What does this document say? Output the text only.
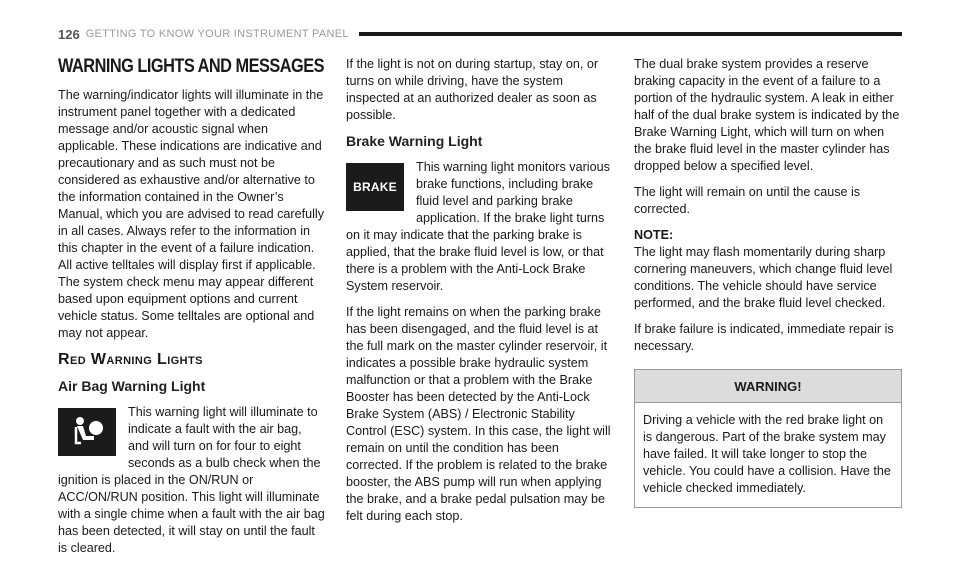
126 GETTING TO KNOW YOUR INSTRUMENT PANEL
WARNING LIGHTS AND MESSAGES

The warning/indicator lights will illuminate in the instrument panel together with a dedicated message and/or acoustic signal when applicable. These indications are indicative and precautionary and as such must not be considered as exhaustive and/or alternative to the information contained in the Owner’s Manual, which you are advised to read carefully in all cases. Always refer to the information in this chapter in the event of a failure indication. All active telltales will display first if applicable. The system check menu may appear different based upon equipment options and current vehicle status. Some telltales are optional and may not appear.

Red Warning Lights
Air Bag Warning Light

This warning light will illuminate to indicate a fault with the air bag, and will turn on for four to eight seconds as a bulb check when the ignition is placed in the ON/RUN or ACC/ON/RUN position. This light will illuminate with a single chime when a fault with the air bag has been detected, it will stay on until the fault is cleared.

If the light is not on during startup, stay on, or turns on while driving, have the system inspected at an authorized dealer as soon as possible.

Brake Warning Light
BRAKE

This warning light monitors various brake functions, including brake fluid level and parking brake application. If the brake light turns on it may indicate that the parking brake is applied, that the brake fluid level is low, or that there is a problem with the Anti-Lock Brake System reservoir.

If the light remains on when the parking brake has been disengaged, and the fluid level is at the full mark on the master cylinder reservoir, it indicates a possible brake hydraulic system malfunction or that a problem with the Brake Booster has been detected by the Anti-Lock Brake System (ABS) / Electronic Stability Control (ESC) system. In this case, the light will remain on until the condition has been corrected. If the problem is related to the brake booster, the ABS pump will run when applying the brake, and a brake pedal pulsation may be felt during each stop.

The dual brake system provides a reserve braking capacity in the event of a failure to a portion of the hydraulic system. A leak in either half of the dual brake system is indicated by the Brake Warning Light, which will turn on when the brake fluid level in the master cylinder has dropped below a specified level.

The light will remain on until the cause is corrected.

NOTE:

The light may flash momentarily during sharp cornering maneuvers, which change fluid level conditions. The vehicle should have service performed, and the brake fluid level checked.

If brake failure is indicated, immediate repair is necessary.

WARNING!
Driving a vehicle with the red brake light on is dangerous. Part of the brake system may have failed. It will take longer to stop the vehicle. You could have a collision. Have the vehicle checked immediately.
